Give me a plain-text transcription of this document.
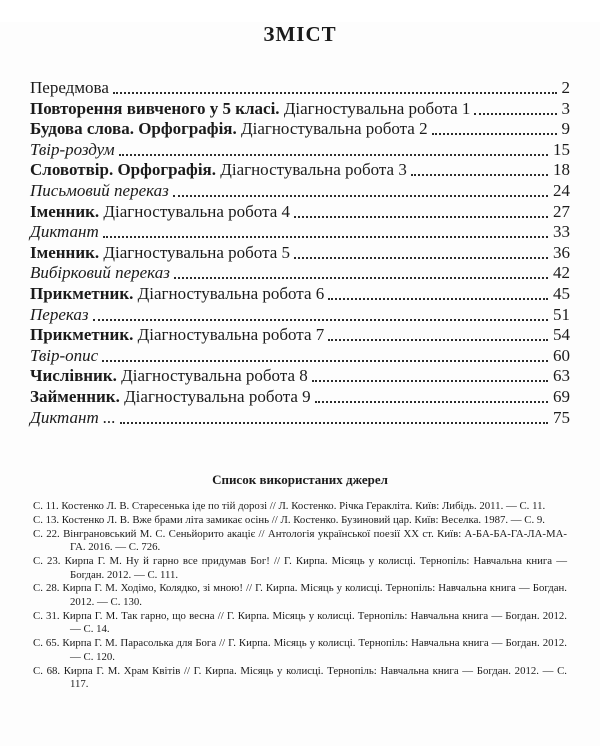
ЗМІСТ
Передмова	2
Повторення вивченого у 5 класі. Діагностувальна робота 1	3
Будова слова. Орфографія. Діагностувальна робота 2	9
Твір-роздум	15
Словотвір. Орфографія. Діагностувальна робота 3	18
Письмовий переказ	24
Іменник. Діагностувальна робота 4	27
Диктант	33
Іменник. Діагностувальна робота 5	36
Вибірковий переказ	42
Прикметник. Діагностувальна робота 6	45
Переказ	51
Прикметник. Діагностувальна робота 7	54
Твір-опис	60
Числівник. Діагностувальна робота 8	63
Займенник. Діагностувальна робота 9	69
Диктант ...	75
Список використаних джерел
С. 11. Костенко Л. В. Старесенька іде по тій дорозі // Л. Костенко. Річка Геракліта. Київ: Либідь. 2011. — С. 11.
С. 13. Костенко Л. В. Вже брами літа замикає осінь // Л. Костенко. Бузиновий цар. Київ: Веселка. 1987. — С. 9.
С. 22. Вінграновський М. С. Сеньйорито акаціє // Антологія української поезії XX ст. Київ: А-БА-БА-ГА-ЛА-МА-ГА. 2016. — С. 726.
С. 23. Кирпа Г. М. Ну й гарно все придумав Бог! // Г. Кирпа. Місяць у колисці. Тернопіль: Навчальна книга — Богдан. 2012. — С. 111.
С. 28. Кирпа Г. М. Ходімо, Колядко, зі мною! // Г. Кирпа. Місяць у колисці. Тернопіль: Навчальна книга — Богдан. 2012. — С. 130.
С. 31. Кирпа Г. М. Так гарно, що весна // Г. Кирпа. Місяць у колисці. Тернопіль: Навчальна книга — Богдан. 2012. — С. 14.
С. 65. Кирпа Г. М. Парасолька для Бога // Г. Кирпа. Місяць у колисці. Тернопіль: Навчальна книга — Богдан. 2012. — С. 120.
С. 68. Кирпа Г. М. Храм Квітів // Г. Кирпа. Місяць у колисці. Тернопіль: Навчальна книга — Богдан. 2012. — С. 117.
